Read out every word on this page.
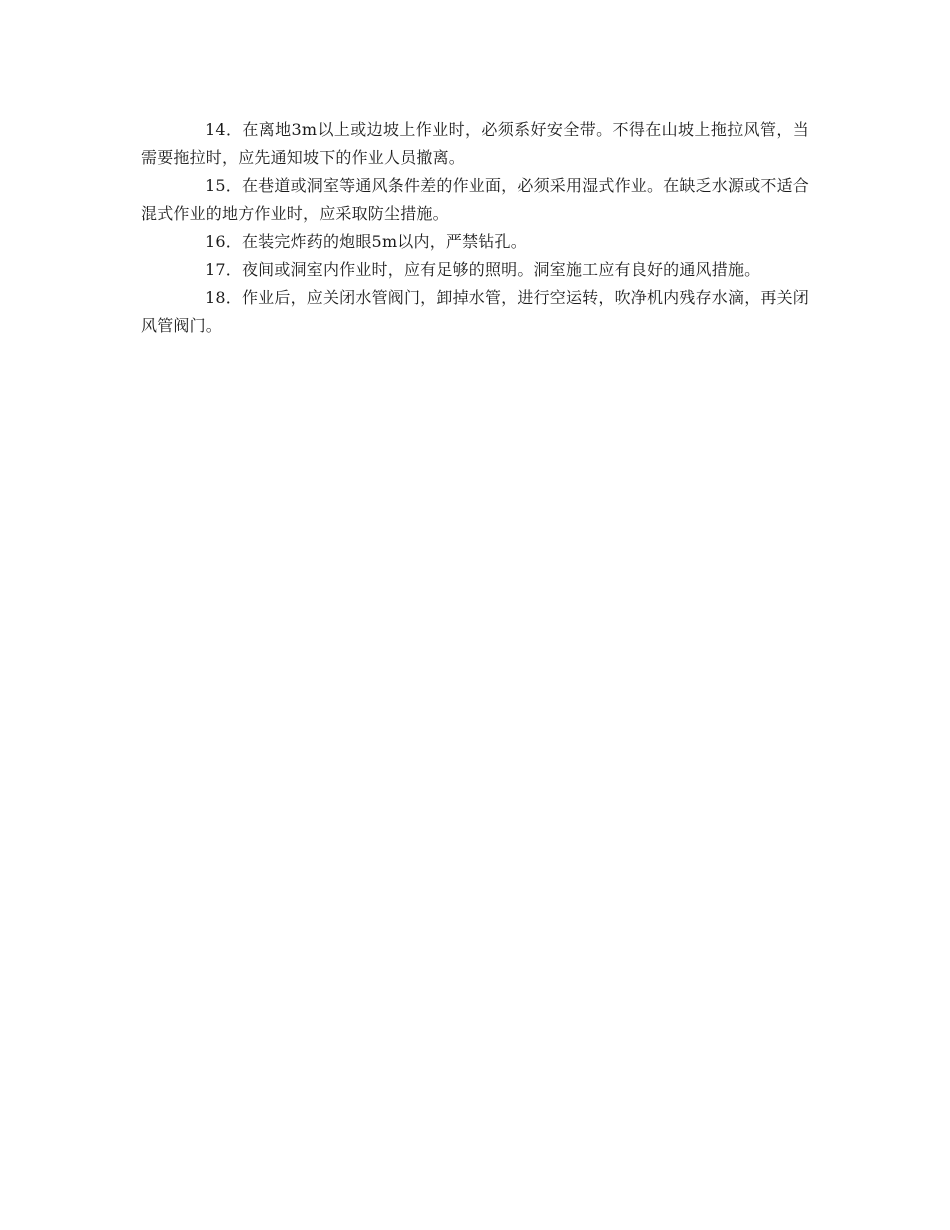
14．在离地3m以上或边坡上作业时，必须系好安全带。不得在山坡上拖拉风管，当需要拖拉时，应先通知坡下的作业人员撤离。

15．在巷道或洞室等通风条件差的作业面，必须采用湿式作业。在缺乏水源或不适合混式作业的地方作业时，应采取防尘措施。

16．在装完炸药的炮眼5m以内，严禁钻孔。

17．夜间或洞室内作业时，应有足够的照明。洞室施工应有良好的通风措施。

18．作业后，应关闭水管阀门，卸掉水管，进行空运转，吹净机内残存水滴，再关闭风管阀门。
